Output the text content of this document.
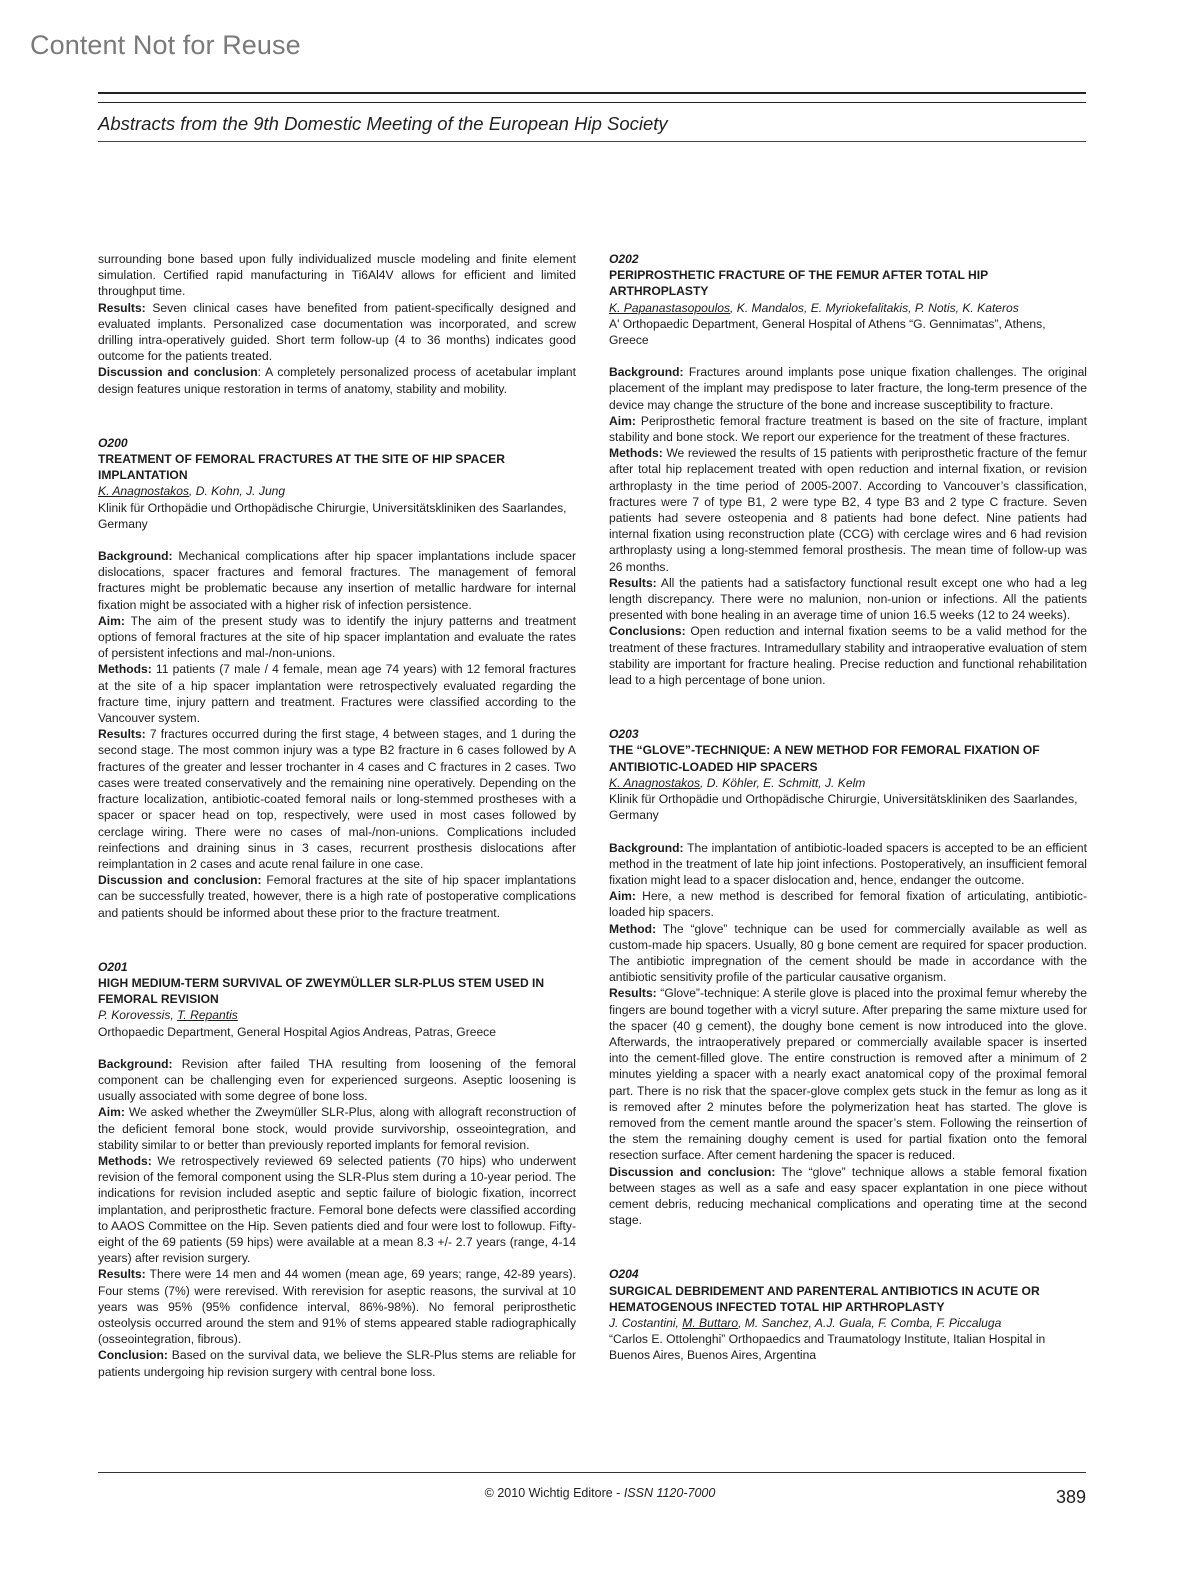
Content Not for Reuse
Abstracts from the 9th Domestic Meeting of the European Hip Society

surrounding bone based upon fully individualized muscle modeling and finite element simulation. Certified rapid manufacturing in Ti6Al4V allows for efficient and limited throughput time.

Results: Seven clinical cases have benefited from patient-specifically designed and evaluated implants. Personalized case documentation was incorporated, and screw drilling intra-operatively guided. Short term follow-up (4 to 36 months) indicates good outcome for the patients treated.

Discussion and conclusion: A completely personalized process of acetabular implant design features unique restoration in terms of anatomy, stability and mobility.

O200
TREATMENT OF FEMORAL FRACTURES AT THE SITE OF HIP SPACER IMPLANTATION
K. Anagnostakos, D. Kohn, J. Jung
Klinik für Orthopädie und Orthopädische Chirurgie, Universitätskliniken des Saarlandes, Germany

Background: Mechanical complications after hip spacer implantations include spacer dislocations, spacer fractures and femoral fractures. The management of femoral fractures might be problematic because any insertion of metallic hardware for internal fixation might be associated with a higher risk of infection persistence.

Aim: The aim of the present study was to identify the injury patterns and treatment options of femoral fractures at the site of hip spacer implantation and evaluate the rates of persistent infections and mal-/non-unions.

Methods: 11 patients (7 male / 4 female, mean age 74 years) with 12 femoral fractures at the site of a hip spacer implantation were retrospectively evaluated regarding the fracture time, injury pattern and treatment. Fractures were classified according to the Vancouver system.

Results: 7 fractures occurred during the first stage, 4 between stages, and 1 during the second stage. The most common injury was a type B2 fracture in 6 cases followed by A fractures of the greater and lesser trochanter in 4 cases and C fractures in 2 cases. Two cases were treated conservatively and the remaining nine operatively. Depending on the fracture localization, antibiotic-coated femoral nails or long-stemmed prostheses with a spacer or spacer head on top, respectively, were used in most cases followed by cerclage wiring. There were no cases of mal-/non-unions. Complications included reinfections and draining sinus in 3 cases, recurrent prosthesis dislocations after reimplantation in 2 cases and acute renal failure in one case.

Discussion and conclusion: Femoral fractures at the site of hip spacer implantations can be successfully treated, however, there is a high rate of postoperative complications and patients should be informed about these prior to the fracture treatment.

O201
HIGH MEDIUM-TERM SURVIVAL OF ZWEYMÜLLER SLR-PLUS STEM USED IN FEMORAL REVISION
P. Korovessis, T. Repantis
Orthopaedic Department, General Hospital Agios Andreas, Patras, Greece

Background: Revision after failed THA resulting from loosening of the femoral component can be challenging even for experienced surgeons. Aseptic loosening is usually associated with some degree of bone loss.

Aim: We asked whether the Zweymüller SLR-Plus, along with allograft reconstruction of the deficient femoral bone stock, would provide survivorship, osseointegration, and stability similar to or better than previously reported implants for femoral revision.

Methods: We retrospectively reviewed 69 selected patients (70 hips) who underwent revision of the femoral component using the SLR-Plus stem during a 10-year period. The indications for revision included aseptic and septic failure of biologic fixation, incorrect implantation, and periprosthetic fracture. Femoral bone defects were classified according to AAOS Committee on the Hip. Seven patients died and four were lost to followup. Fifty-eight of the 69 patients (59 hips) were available at a mean 8.3 +/- 2.7 years (range, 4-14 years) after revision surgery.

Results: There were 14 men and 44 women (mean age, 69 years; range, 42-89 years). Four stems (7%) were rerevised. With rerevision for aseptic reasons, the survival at 10 years was 95% (95% confidence interval, 86%-98%). No femoral periprosthetic osteolysis occurred around the stem and 91% of stems appeared stable radiographically (osseointegration, fibrous).

Conclusion: Based on the survival data, we believe the SLR-Plus stems are reliable for patients undergoing hip revision surgery with central bone loss.

O202
PERIPROSTHETIC FRACTURE OF THE FEMUR AFTER TOTAL HIP ARTHROPLASTY
K. Papanastasopoulos, K. Mandalos, E. Myriokefalitakis, P. Notis, K. Kateros
A' Orthopaedic Department, General Hospital of Athens “G. Gennimatas”, Athens, Greece

Background: Fractures around implants pose unique fixation challenges. The original placement of the implant may predispose to later fracture, the long-term presence of the device may change the structure of the bone and increase susceptibility to fracture.

Aim: Periprosthetic femoral fracture treatment is based on the site of fracture, implant stability and bone stock. We report our experience for the treatment of these fractures.

Methods: We reviewed the results of 15 patients with periprosthetic fracture of the femur after total hip replacement treated with open reduction and internal fixation, or revision arthroplasty in the time period of 2005-2007. According to Vancouver’s classification, fractures were 7 of type B1, 2 were type B2, 4 type B3 and 2 type C fracture. Seven patients had severe osteopenia and 8 patients had bone defect. Nine patients had internal fixation using reconstruction plate (CCG) with cerclage wires and 6 had revision arthroplasty using a long-stemmed femoral prosthesis. The mean time of follow-up was 26 months.

Results: All the patients had a satisfactory functional result except one who had a leg length discrepancy. There were no malunion, non-union or infections. All the patients presented with bone healing in an average time of union 16.5 weeks (12 to 24 weeks).

Conclusions: Open reduction and internal fixation seems to be a valid method for the treatment of these fractures. Intramedullary stability and intraoperative evaluation of stem stability are important for fracture healing. Precise reduction and functional rehabilitation lead to a high percentage of bone union.

O203
THE “GLOVE”-TECHNIQUE: A NEW METHOD FOR FEMORAL FIXATION OF ANTIBIOTIC-LOADED HIP SPACERS
K. Anagnostakos, D. Köhler, E. Schmitt, J. Kelm
Klinik für Orthopädie und Orthopädische Chirurgie, Universitätskliniken des Saarlandes, Germany

Background: The implantation of antibiotic-loaded spacers is accepted to be an efficient method in the treatment of late hip joint infections. Postoperatively, an insufficient femoral fixation might lead to a spacer dislocation and, hence, endanger the outcome.

Aim: Here, a new method is described for femoral fixation of articulating, antibiotic-loaded hip spacers.

Method: The “glove” technique can be used for commercially available as well as custom-made hip spacers. Usually, 80 g bone cement are required for spacer production. The antibiotic impregnation of the cement should be made in accordance with the antibiotic sensitivity profile of the particular causative organism.

Results: “Glove”-technique: A sterile glove is placed into the proximal femur whereby the fingers are bound together with a vicryl suture. After preparing the same mixture used for the spacer (40 g cement), the doughy bone cement is now introduced into the glove. Afterwards, the intraoperatively prepared or commercially available spacer is inserted into the cement-filled glove. The entire construction is removed after a minimum of 2 minutes yielding a spacer with a nearly exact anatomical copy of the proximal femoral part. There is no risk that the spacer-glove complex gets stuck in the femur as long as it is removed after 2 minutes before the polymerization heat has started. The glove is removed from the cement mantle around the spacer’s stem. Following the reinsertion of the stem the remaining doughy cement is used for partial fixation onto the femoral resection surface. After cement hardening the spacer is reduced.

Discussion and conclusion: The “glove” technique allows a stable femoral fixation between stages as well as a safe and easy spacer explantation in one piece without cement debris, reducing mechanical complications and operating time at the second stage.

O204
SURGICAL DEBRIDEMENT AND PARENTERAL ANTIBIOTICS IN ACUTE OR HEMATOGENOUS INFECTED TOTAL HIP ARTHROPLASTY
J. Costantini, M. Buttaro, M. Sanchez, A.J. Guala, F. Comba, F. Piccaluga
“Carlos E. Ottolenghi” Orthopaedics and Traumatology Institute, Italian Hospital in Buenos Aires, Buenos Aires, Argentina
© 2010 Wichtig Editore - ISSN 1120-7000	389
